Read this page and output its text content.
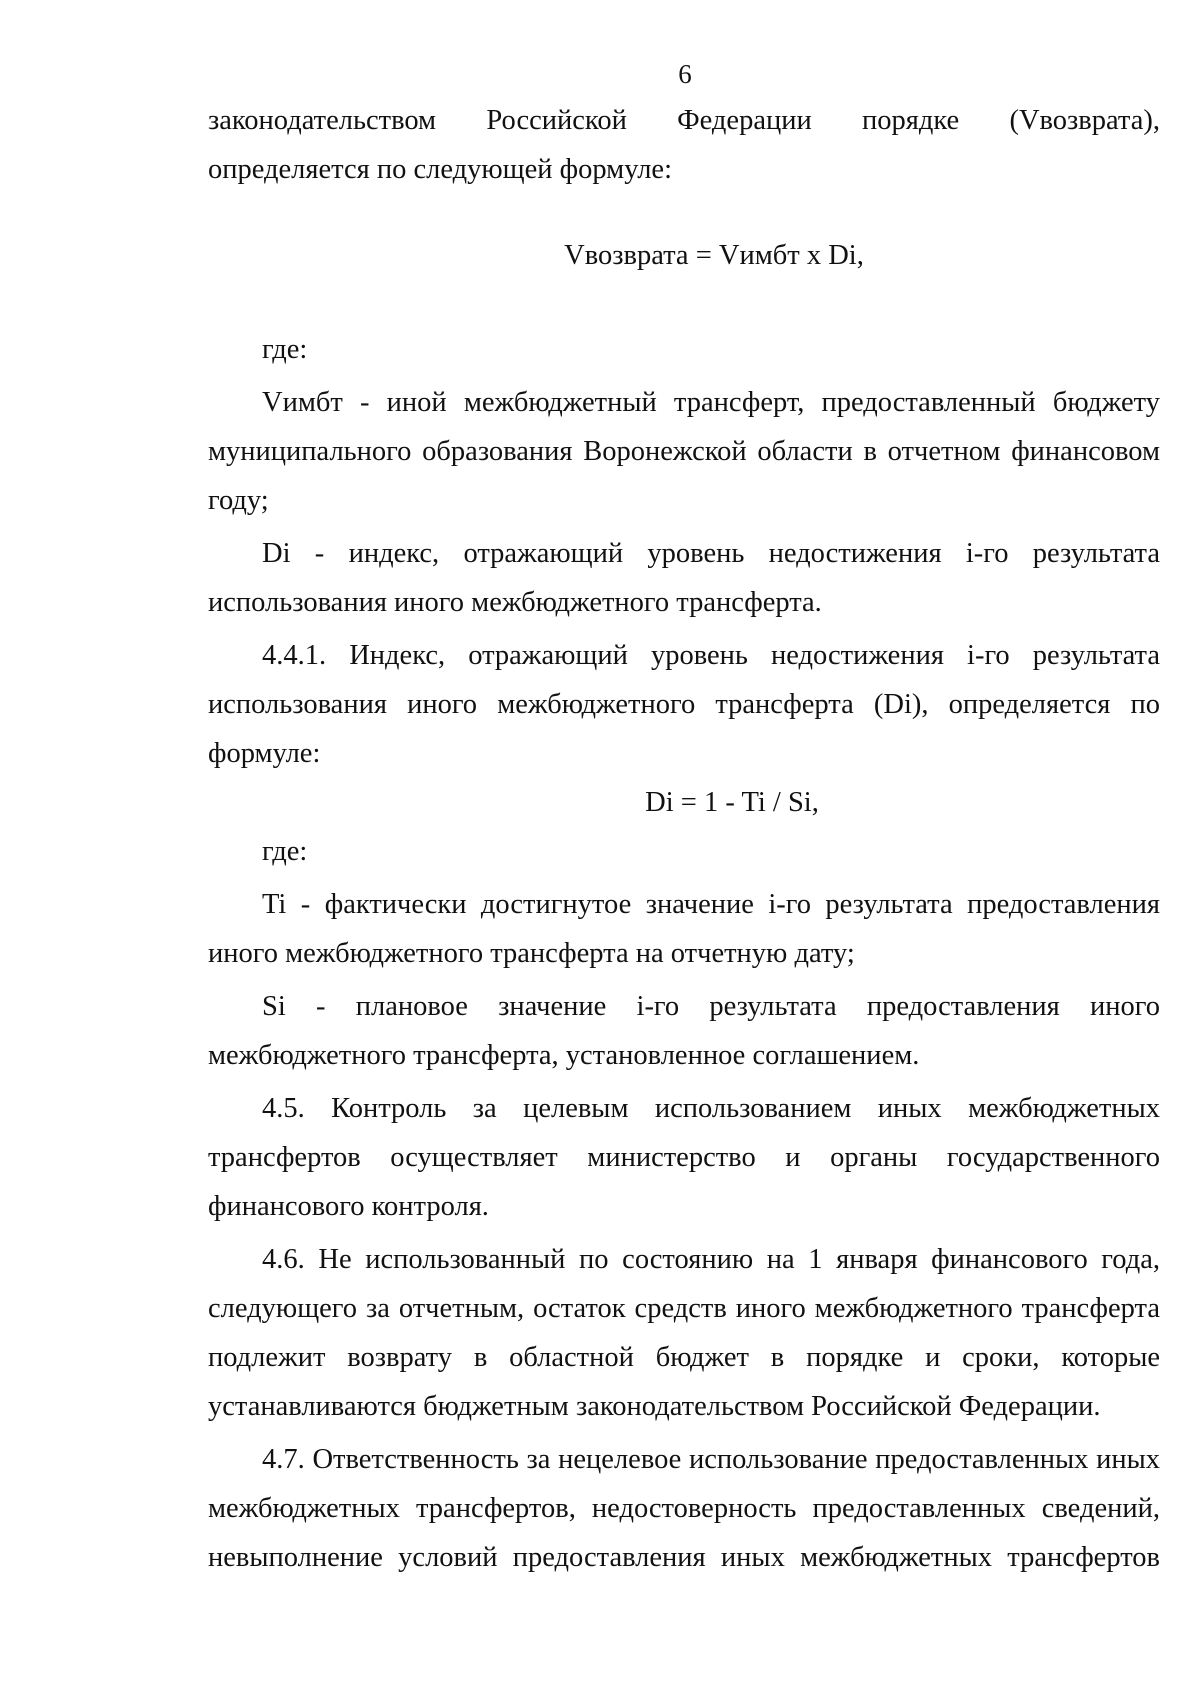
6

законодательством Российской Федерации порядке (Vвозврата),

определяется по следующей формуле:

Vвозврата = Vимбт x Di,

где:

Vимбт - иной межбюджетный трансферт, предоставленный бюджету муниципального образования Воронежской области в отчетном финансовом году;

Di - индекс, отражающий уровень недостижения i-го результата использования иного межбюджетного трансферта.

4.4.1. Индекс, отражающий уровень недостижения i-го результата использования иного межбюджетного трансферта (Di), определяется по формуле:

Di = 1 - Ti / Si,

где:

Ti - фактически достигнутое значение i-го результата предоставления иного межбюджетного трансферта на отчетную дату;

Si - плановое значение i-го результата предоставления иного межбюджетного трансферта, установленное соглашением.

4.5. Контроль за целевым использованием иных межбюджетных трансфертов осуществляет министерство и органы государственного финансового контроля.

4.6. Не использованный по состоянию на 1 января финансового года, следующего за отчетным, остаток средств иного межбюджетного трансферта подлежит возврату в областной бюджет в порядке и сроки, которые устанавливаются бюджетным законодательством Российской Федерации.

4.7. Ответственность за нецелевое использование предоставленных иных межбюджетных трансфертов, недостоверность предоставленных сведений, невыполнение условий предоставления иных межбюджетных трансфертов
